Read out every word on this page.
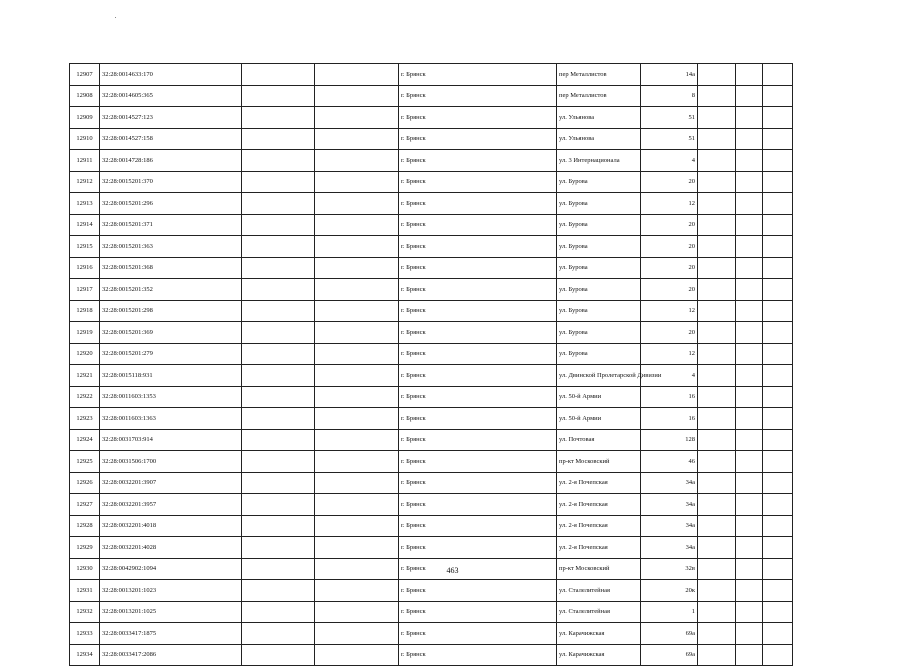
12907	32:28:0014633:170			г. Брянск	пер Металлистов	14а			
12908	32:28:0014605:365			г. Брянск	пер Металлистов	8			
12909	32:28:0014527:123			г. Брянск	ул. Ульянова	51			
12910	32:28:0014527:158			г. Брянск	ул. Ульянова	51			
12911	32:28:0014728:186			г. Брянск	ул. 3 Интернационала	4			
12912	32:28:0015201:370			г. Брянск	ул. Бурова	20			
12913	32:28:0015201:296			г. Брянск	ул. Бурова	12			
12914	32:28:0015201:371			г. Брянск	ул. Бурова	20			
12915	32:28:0015201:363			г. Брянск	ул. Бурова	20			
12916	32:28:0015201:368			г. Брянск	ул. Бурова	20			
12917	32:28:0015201:352			г. Брянск	ул. Бурова	20			
12918	32:28:0015201:298			г. Брянск	ул. Бурова	12			
12919	32:28:0015201:369			г. Брянск	ул. Бурова	20			
12920	32:28:0015201:279			г. Брянск	ул. Бурова	12			
12921	32:28:0015118:931			г. Брянск	ул. Двинской Пролетарской Дивизии	4			
12922	32:28:0011603:1353			г. Брянск	ул. 50-й Армии	16			
12923	32:28:0011603:1363			г. Брянск	ул. 50-й Армии	16			
12924	32:28:0031703:914			г. Брянск	ул. Почтовая	128			
12925	32:28:0031506:1700			г. Брянск	пр-кт Московский	46			
12926	32:28:0032201:3907			г. Брянск	ул. 2-я Почепская	34а			
12927	32:28:0032201:3957			г. Брянск	ул. 2-я Почепская	34а			
12928	32:28:0032201:4018			г. Брянск	ул. 2-я Почепская	34а			
12929	32:28:0032201:4028			г. Брянск	ул. 2-я Почепская	34а			
12930	32:28:0042902:1094			г. Брянск	пр-кт Московский	32в			
12931	32:28:0013201:1023			г. Брянск	ул. Сталелитейная	20к			
12932	32:28:0013201:1025			г. Брянск	ул. Сталелитейная	1			
12933	32:28:0033417:1875			г. Брянск	ул. Карачижская	69а			
12934	32:28:0033417:2086			г. Брянск	ул. Карачижская	69а			
463
